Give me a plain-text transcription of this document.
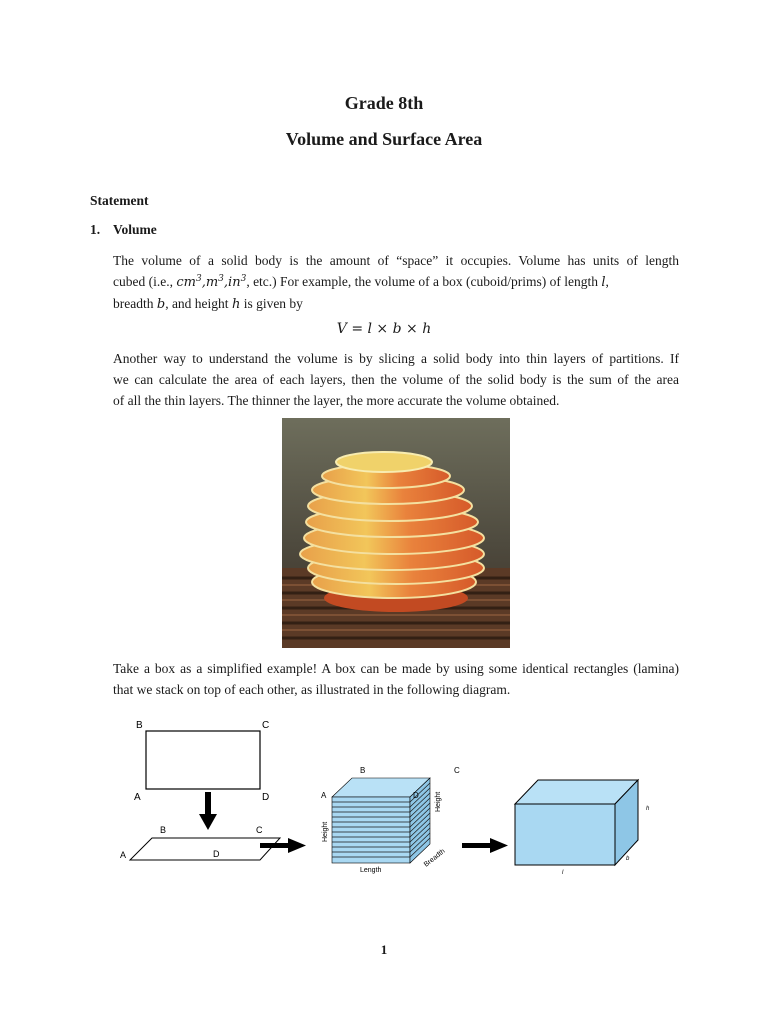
Grade 8th
Volume and Surface Area
Statement
1. Volume
The volume of a solid body is the amount of “space” it occupies. Volume has units of length
cubed (i.e., $cm^3,m^3,in^3$, etc.) For example, the volume of a box (cuboid/prims) of length l,
breadth b, and height h is given by
V = l × b × h
Another way to understand the volume is by slicing a solid body into thin layers of partitions. If
we can calculate the area of each layers, then the volume of the solid body is the sum of the area
of all the thin layers. The thinner the layer, the more accurate the volume obtained.
Take a box as a simplified example! A box can be made by using some identical rectangles (lamina)
that we stack on top of each other, as illustrated in the following diagram.
B	C
A	D
B	C
A	D
B	C
A	D
Height
Height
Length
Breadth
h
b
l
1
